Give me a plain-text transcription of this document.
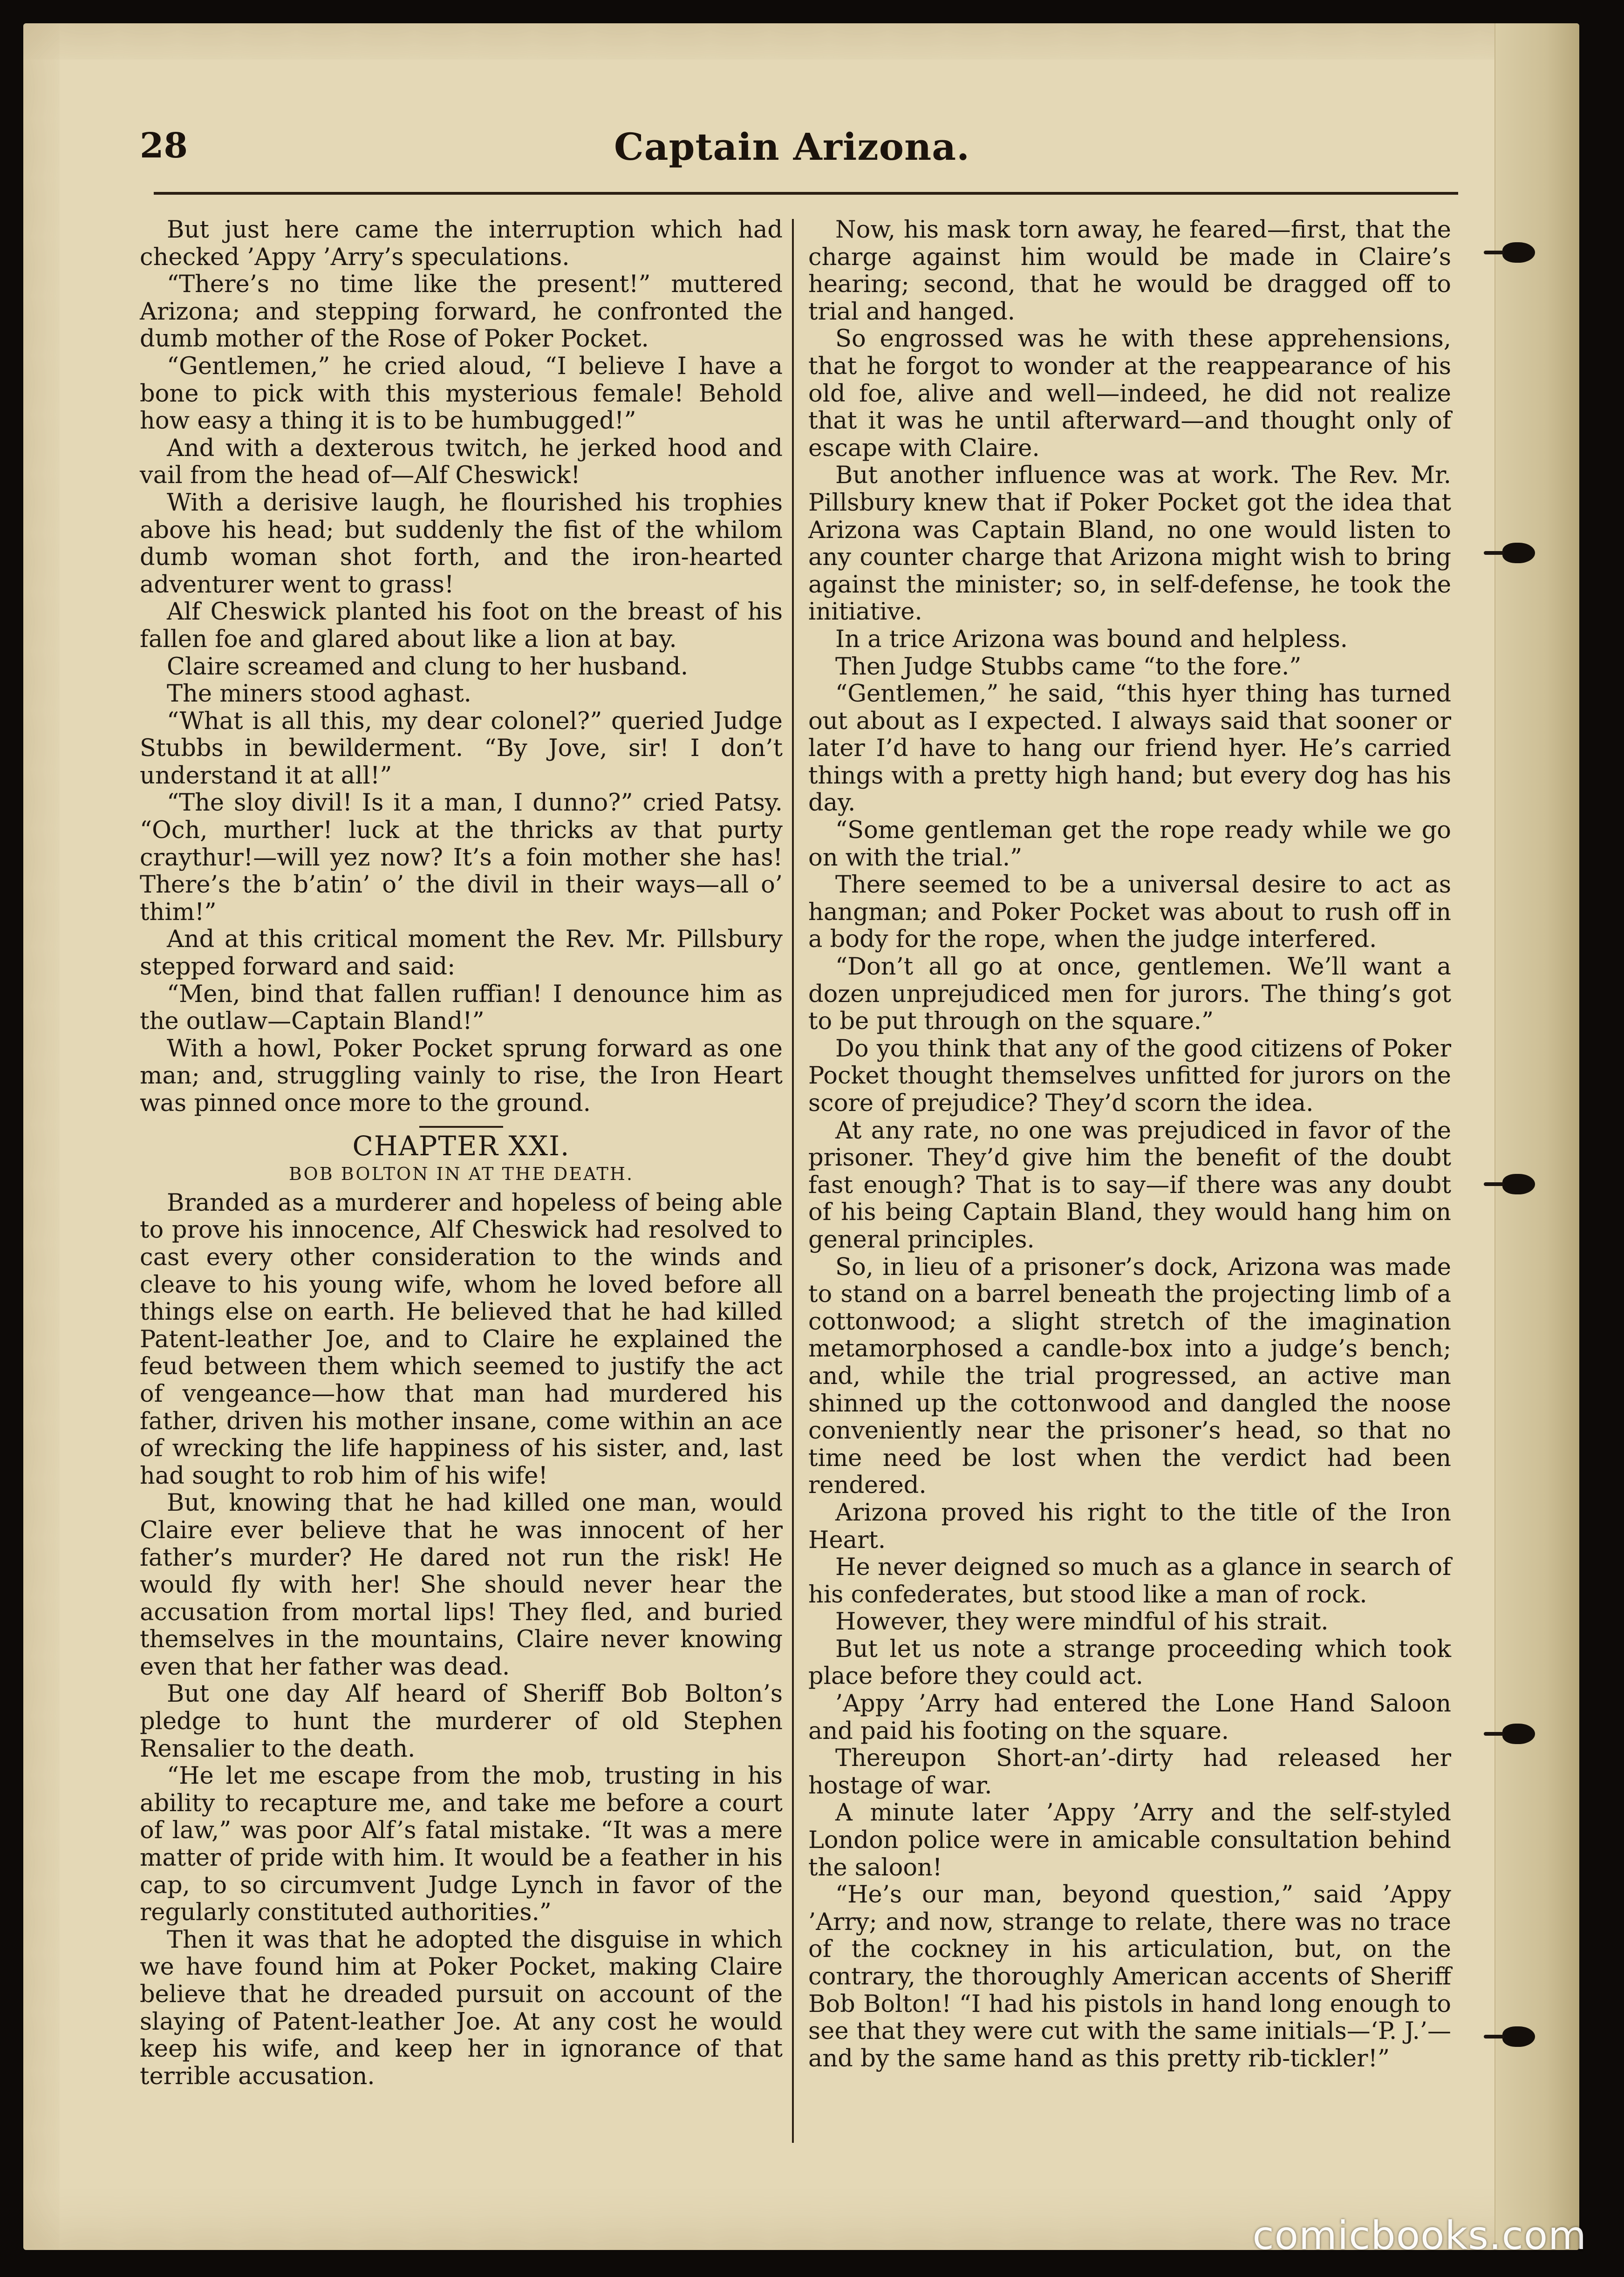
28	Captain Arizona.

But just here came the interruption which had checked ’Appy ’Arry’s speculations.

“There’s no time like the present!” muttered Arizona; and stepping forward, he confronted the dumb mother of the Rose of Poker Pocket.

“Gentlemen,” he cried aloud, “I believe I have a bone to pick with this mysterious female! Behold how easy a thing it is to be humbugged!”

And with a dexterous twitch, he jerked hood and vail from the head of—Alf Cheswick!

With a derisive laugh, he flourished his trophies above his head; but suddenly the fist of the whilom dumb woman shot forth, and the iron-hearted adventurer went to grass!

Alf Cheswick planted his foot on the breast of his fallen foe and glared about like a lion at bay.

Claire screamed and clung to her husband.

The miners stood aghast.

“What is all this, my dear colonel?” queried Judge Stubbs in bewilderment. “By Jove, sir! I don’t understand it at all!”

“The sloy divil! Is it a man, I dunno?” cried Patsy. “Och, murther! luck at the thricks av that purty craythur!—will yez now? It’s a foin mother she has! There’s the b’atin’ o’ the divil in their ways—all o’ thim!”

And at this critical moment the Rev. Mr. Pillsbury stepped forward and said:

“Men, bind that fallen ruffian! I denounce him as the outlaw—Captain Bland!”

With a howl, Poker Pocket sprung forward as one man; and, struggling vainly to rise, the Iron Heart was pinned once more to the ground.

CHAPTER XXI.
BOB BOLTON IN AT THE DEATH.

Branded as a murderer and hopeless of being able to prove his innocence, Alf Cheswick had resolved to cast every other consideration to the winds and cleave to his young wife, whom he loved before all things else on earth. He believed that he had killed Patent-leather Joe, and to Claire he explained the feud between them which seemed to justify the act of vengeance—how that man had murdered his father, driven his mother insane, come within an ace of wrecking the life happiness of his sister, and, last had sought to rob him of his wife!

But, knowing that he had killed one man, would Claire ever believe that he was innocent of her father’s murder? He dared not run the risk! He would fly with her! She should never hear the accusation from mortal lips! They fled, and buried themselves in the mountains, Claire never knowing even that her father was dead.

But one day Alf heard of Sheriff Bob Bolton’s pledge to hunt the murderer of old Stephen Rensalier to the death.

“He let me escape from the mob, trusting in his ability to recapture me, and take me before a court of law,” was poor Alf’s fatal mistake. “It was a mere matter of pride with him. It would be a feather in his cap, to so circumvent Judge Lynch in favor of the regularly constituted authorities.”

Then it was that he adopted the disguise in which we have found him at Poker Pocket, making Claire believe that he dreaded pursuit on account of the slaying of Patent-leather Joe. At any cost he would keep his wife, and keep her in ignorance of that terrible accusation.

Now, his mask torn away, he feared—first, that the charge against him would be made in Claire’s hearing; second, that he would be dragged off to trial and hanged.

So engrossed was he with these apprehensions, that he forgot to wonder at the reappearance of his old foe, alive and well—indeed, he did not realize that it was he until afterward—and thought only of escape with Claire.

But another influence was at work. The Rev. Mr. Pillsbury knew that if Poker Pocket got the idea that Arizona was Captain Bland, no one would listen to any counter charge that Arizona might wish to bring against the minister; so, in self-defense, he took the initiative.

In a trice Arizona was bound and helpless.

Then Judge Stubbs came “to the fore.”

“Gentlemen,” he said, “this hyer thing has turned out about as I expected. I always said that sooner or later I’d have to hang our friend hyer. He’s carried things with a pretty high hand; but every dog has his day.

“Some gentleman get the rope ready while we go on with the trial.”

There seemed to be a universal desire to act as hangman; and Poker Pocket was about to rush off in a body for the rope, when the judge interfered.

“Don’t all go at once, gentlemen. We’ll want a dozen unprejudiced men for jurors. The thing’s got to be put through on the square.”

Do you think that any of the good citizens of Poker Pocket thought themselves unfitted for jurors on the score of prejudice? They’d scorn the idea.

At any rate, no one was prejudiced in favor of the prisoner. They’d give him the benefit of the doubt fast enough? That is to say—if there was any doubt of his being Captain Bland, they would hang him on general principles.

So, in lieu of a prisoner’s dock, Arizona was made to stand on a barrel beneath the projecting limb of a cottonwood; a slight stretch of the imagination metamorphosed a candle-box into a judge’s bench; and, while the trial progressed, an active man shinned up the cottonwood and dangled the noose conveniently near the prisoner’s head, so that no time need be lost when the verdict had been rendered.

Arizona proved his right to the title of the Iron Heart.

He never deigned so much as a glance in search of his confederates, but stood like a man of rock.

However, they were mindful of his strait.

But let us note a strange proceeding which took place before they could act.

’Appy ’Arry had entered the Lone Hand Saloon and paid his footing on the square.

Thereupon Short-an’-dirty had released her hostage of war.

A minute later ’Appy ’Arry and the self-styled London police were in amicable consultation behind the saloon!

“He’s our man, beyond question,” said ’Appy ’Arry; and now, strange to relate, there was no trace of the cockney in his articulation, but, on the contrary, the thoroughly American accents of Sheriff Bob Bolton! “I had his pistols in hand long enough to see that they were cut with the same initials—‘P. J.’—and by the same hand as this pretty rib-tickler!”

comicbooks.com
